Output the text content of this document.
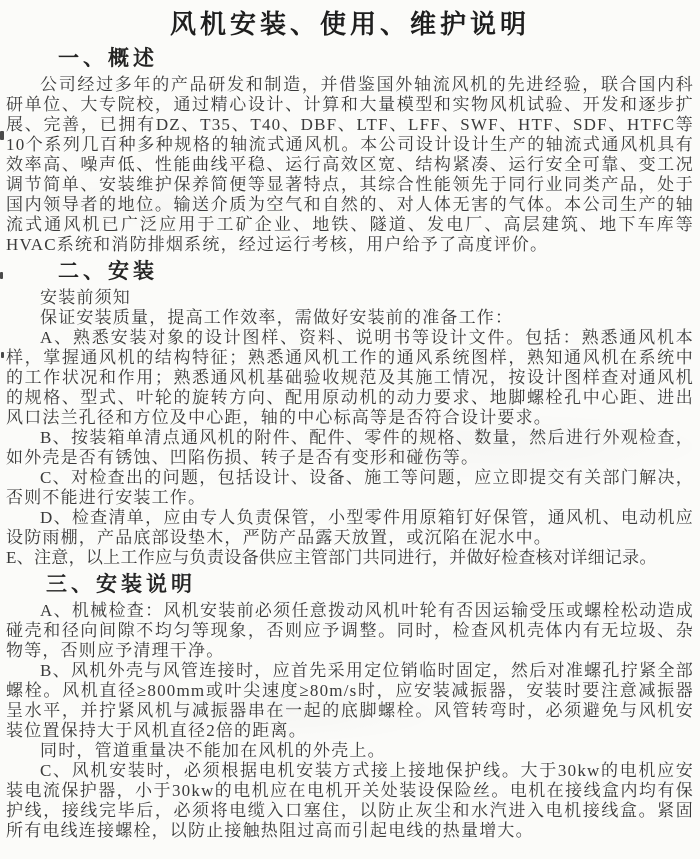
风机安装、使用、维护说明
一、概述

公司经过多年的产品研发和制造，并借鉴国外轴流风机的先进经验，联合国内科研单位、大专院校，通过精心设计、计算和大量模型和实物风机试验、开发和逐步扩展、完善，已拥有DZ、T35、T40、DBF、LTF、LFF、SWF、HTF、SDF、HTFC等10个系列几百种多种规格的轴流式通风机。本公司设计设计生产的轴流式通风机具有效率高、噪声低、性能曲线平稳、运行高效区宽、结构紧凑、运行安全可靠、变工况调节简单、安装维护保养简便等显著特点，其综合性能领先于同行业同类产品，处于国内领导者的地位。输送介质为空气和自然的、对人体无害的气体。本公司生产的轴流式通风机已广泛应用于工矿企业、地铁、隧道、发电厂、高层建筑、地下车库等HVAC系统和消防排烟系统，经过运行考核，用户给予了高度评价。

二、安装

安装前须知

保证安装质量，提高工作效率，需做好安装前的准备工作：

A、熟悉安装对象的设计图样、资料、说明书等设计文件。包括：熟悉通风机本样，掌握通风机的结构特征；熟悉通风机工作的通风系统图样，熟知通风机在系统中的工作状况和作用；熟悉通风机基础验收规范及其施工情况，按设计图样查对通风机的规格、型式、叶轮的旋转方向、配用原动机的动力要求、地脚螺栓孔中心距、进出风口法兰孔径和方位及中心距，轴的中心标高等是否符合设计要求。

B、按装箱单清点通风机的附件、配件、零件的规格、数量，然后进行外观检查，如外壳是否有锈蚀、凹陷伤损、转子是否有变形和碰伤等。

C、对检查出的问题，包括设计、设备、施工等问题，应立即提交有关部门解决，否则不能进行安装工作。

D、检查清单，应由专人负责保管，小型零件用原箱钉好保管，通风机、电动机应设防雨棚，产品底部设垫木，严防产品露天放置，或沉陷在泥水中。

E、注意，以上工作应与负责设备供应主管部门共同进行，并做好检查核对详细记录。

三、安装说明

A、机械检查：风机安装前必须任意拨动风机叶轮有否因运输受压或螺栓松动造成碰壳和径向间隙不均匀等现象，否则应予调整。同时，检查风机壳体内有无垃圾、杂物等，否则应予清理干净。

B、风机外壳与风管连接时，应首先采用定位销临时固定，然后对准螺孔拧紧全部螺栓。风机直径≥800mm或叶尖速度≥80m/s时，应安装减振器，安装时要注意减振器呈水平，并拧紧风机与减振器串在一起的底脚螺栓。风管转弯时，必须避免与风机安装位置保持大于风机直径2倍的距离。

同时，管道重量决不能加在风机的外壳上。

C、风机安装时，必须根据电机安装方式接上接地保护线。大于30kw的电机应安装电流保护器，小于30kw的电机应在电机开关处装设保险丝。电机在接线盒内均有保护线，接线完毕后，必须将电缆入口塞住，以防止灰尘和水汽进入电机接线盒。紧固所有电线连接螺栓，以防止接触热阻过高而引起电线的热量增大。
